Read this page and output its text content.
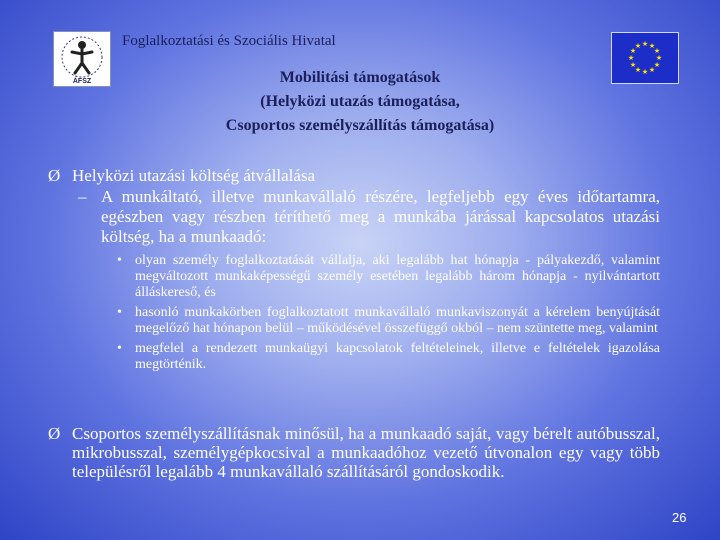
ÁFSZ
Foglalkoztatási és Szociális Hivatal	★ ★
★
★
★
★
★
★
★
★
★
★
Mobilitási támogatások
(Helyközi utazás támogatása,
Csoportos személyszállítás támogatása)
Ø Helyközi utazási költség átvállalása
– A munkáltató, illetve munkavállaló részére, legfeljebb egy éves időtartamra, egészben vagy részben téríthető meg a munkába járással kapcsolatos utazási költség, ha a munkaadó:
• olyan személy foglalkoztatását vállalja, aki legalább hat hónapja - pályakezdő, valamint megváltozott munkaképességű személy esetében legalább három hónapja - nyilvántartott álláskereső, és
• hasonló munkakörben foglalkoztatott munkavállaló munkaviszonyát a kérelem benyújtását megelőző hat hónapon belül – működésével összefüggő okból – nem szüntette meg, valamint
• megfelel a rendezett munkaügyi kapcsolatok feltételeinek, illetve e feltételek igazolása megtörténik.
Ø Csoportos személyszállításnak minősül, ha a munkaadó saját, vagy bérelt autóbusszal, mikrobusszal, személygépkocsival a munkaadóhoz vezető útvonalon egy vagy több településről legalább 4 munkavállaló szállításáról gondoskodik.
26
